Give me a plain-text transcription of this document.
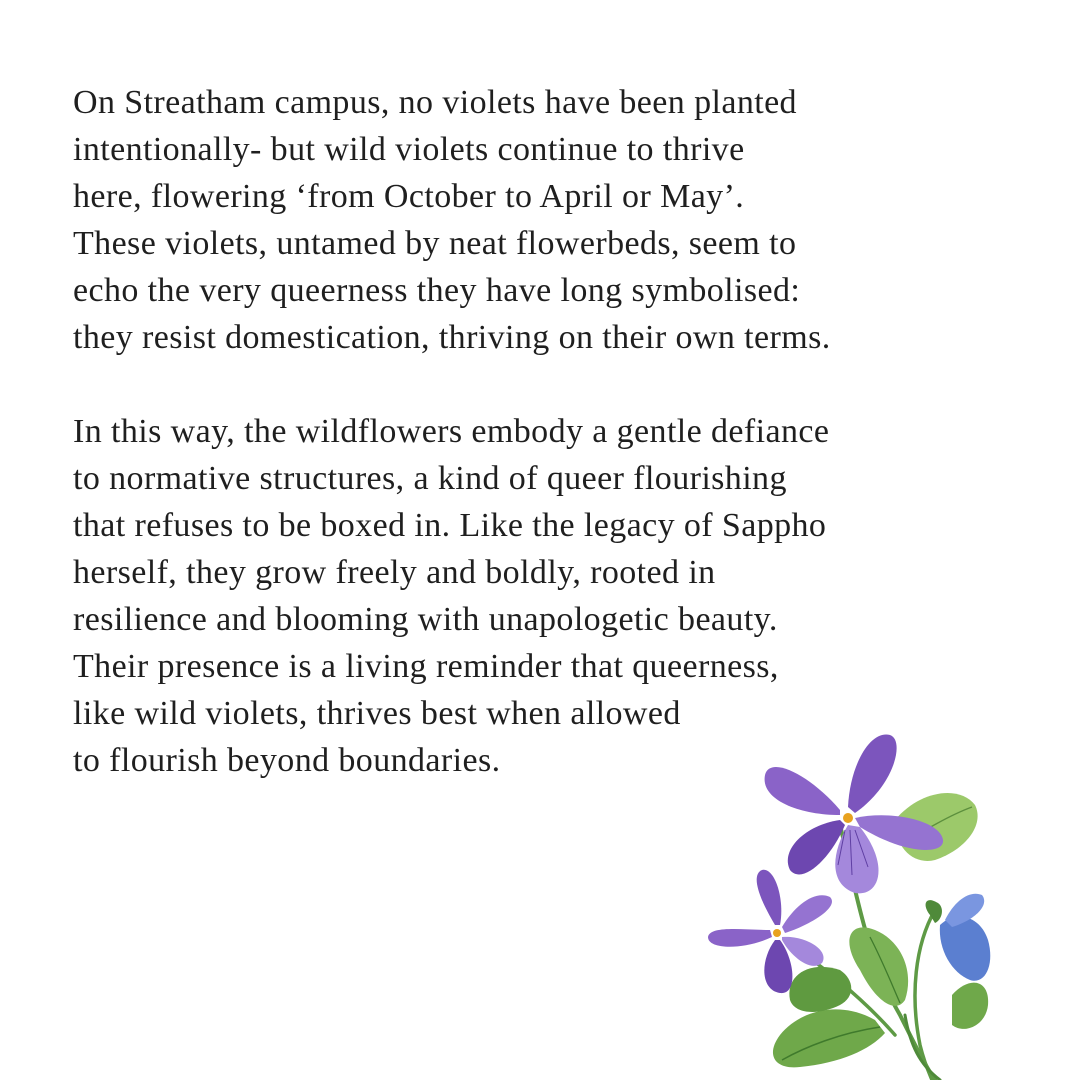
On Streatham campus, no violets have been planted
intentionally- but wild violets continue to thrive
here, flowering ‘from October to April or May’.
These violets, untamed by neat flowerbeds, seem to
echo the very queerness they have long symbolised:
they resist domestication, thriving on their own terms.

In this way, the wildflowers embody a gentle defiance
to normative structures, a kind of queer flourishing
that refuses to be boxed in. Like the legacy of Sappho
herself, they grow freely and boldly, rooted in
resilience and blooming with unapologetic beauty.
Their presence is a living reminder that queerness,
like wild violets, thrives best when allowed
to flourish beyond boundaries.
